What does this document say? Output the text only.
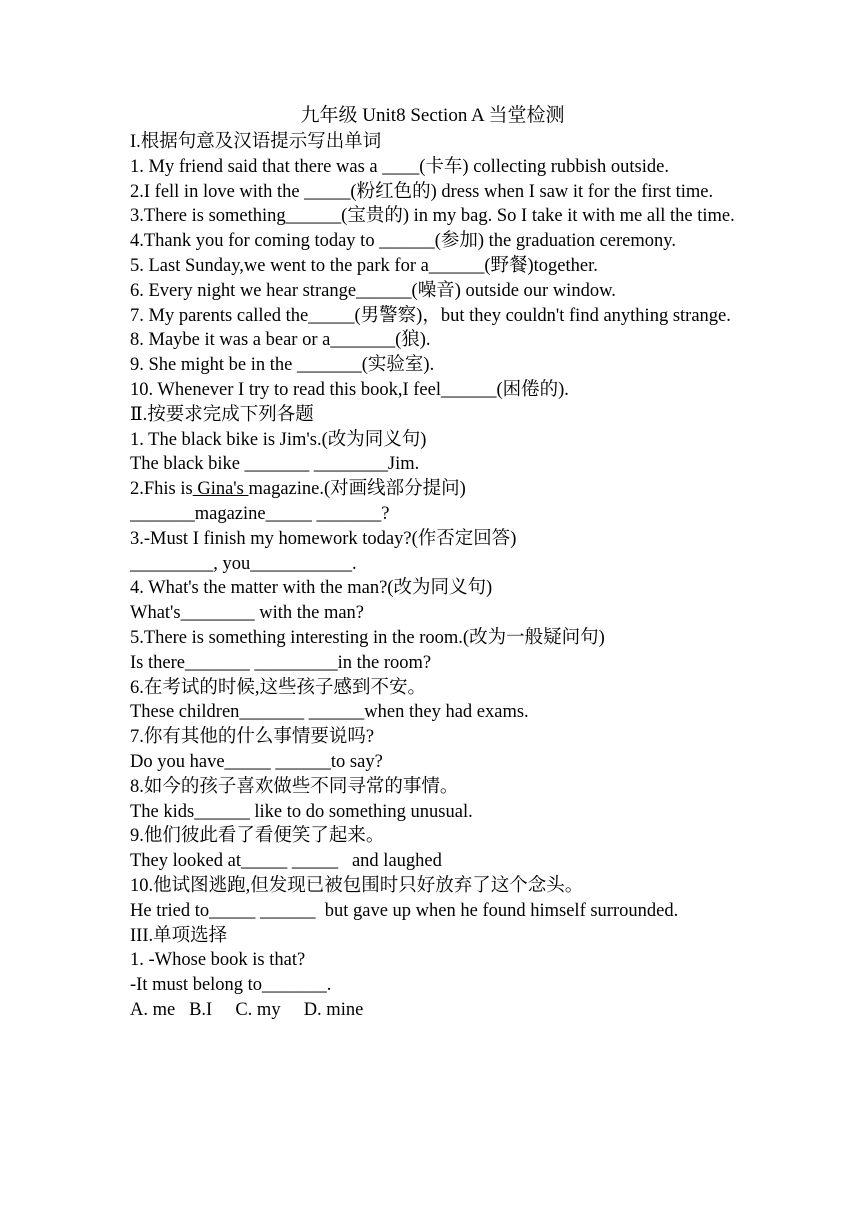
九年级 Unit8 Section A 当堂检测
I.根据句意及汉语提示写出单词
1. My friend said that there was a ____(卡车) collecting rubbish outside.
2.I fell in love with the _____(粉红色的) dress when I saw it for the first time.
3.There is something______(宝贵的) in my bag. So I take it with me all the time.
4.Thank you for coming today to ______(参加) the graduation ceremony.
5. Last Sunday,we went to the park for a______(野餐)together.
6. Every night we hear strange______(噪音) outside our window.
7. My parents called the_____(男警察)，but they couldn't find anything strange.
8. Maybe it was a bear or a_______(狼).
9. She might be in the _______(实验室).
10. Whenever I try to read this book,I feel______(困倦的).
Ⅱ.按要求完成下列各题
1. The black bike is Jim's.(改为同义句)
The black bike _______ ________Jim.
2.Fhis is Gina's magazine.(对画线部分提问)
_______magazine_____ _______?
3.-Must I finish my homework today?(作否定回答)
_________, you___________.
4. What's the matter with the man?(改为同义句)
What's________ with the man?
5.There is something interesting in the room.(改为一般疑问句)
Is there_______ _________in the room?
6.在考试的时候,这些孩子感到不安。
These children_______ ______when they had exams.
7.你有其他的什么事情要说吗?
Do you have_____ ______to say?
8.如今的孩子喜欢做些不同寻常的事情。
The kids______ like to do something unusual.
9.他们彼此看了看便笑了起来。
They looked at_____ _____   and laughed
10.他试图逃跑,但发现已被包围时只好放弃了这个念头。
He tried to_____ ______  but gave up when he found himself surrounded.
III.单项选择
1. -Whose book is that?
-It must belong to_______.
A. me   B.I     C. my     D. mine
